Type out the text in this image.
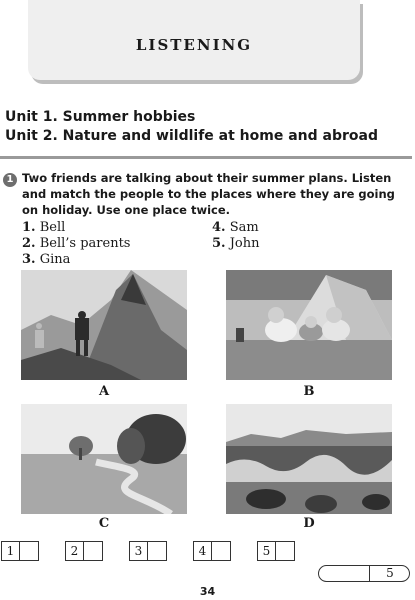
LISTENING
Unit 1. Summer hobbies
Unit 2. Nature and wildlife at home and abroad
1 Two friends are talking about their summer plans. Listen and match the people to the places where they are going on holiday. Use one place twice.
1. Bell
2. Bell’s parents
3. Gina
4. Sam
5. John
A	B
C	D
1	2	3	4	5
5
34
